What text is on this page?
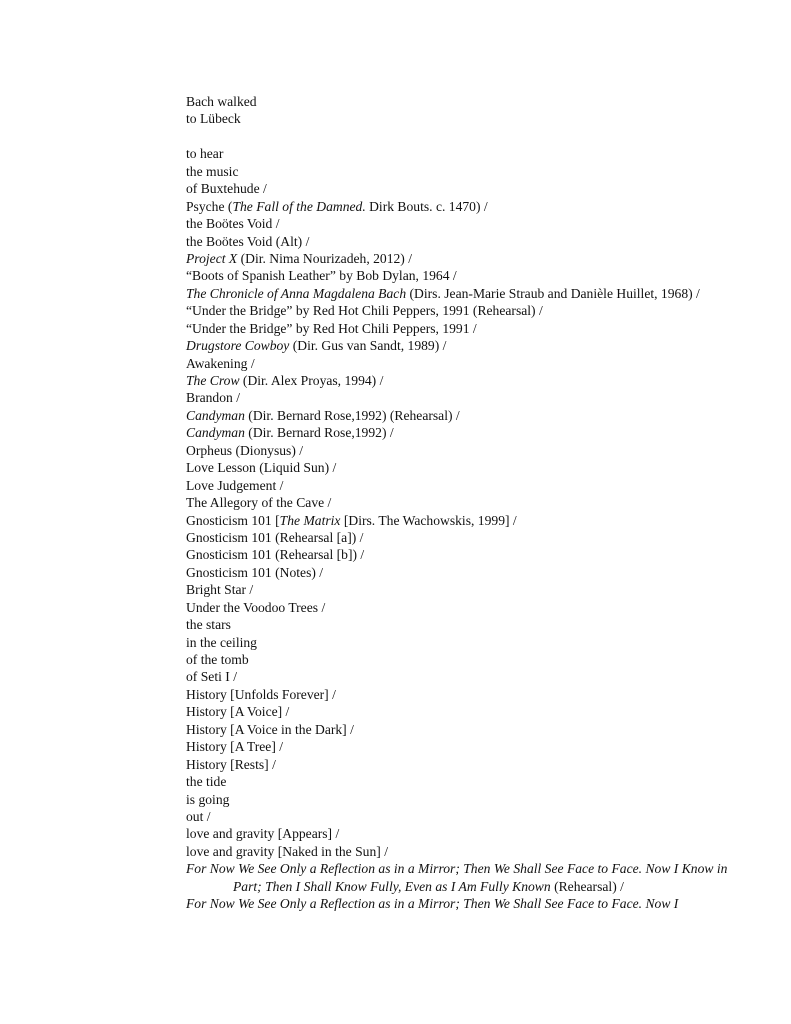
Bach walked
to Lübeck
to hear
the music
of Buxtehude /
Psyche (The Fall of the Damned. Dirk Bouts. c. 1470) /
the Boötes Void /
the Boötes Void (Alt) /
Project X (Dir. Nima Nourizadeh, 2012) /
“Boots of Spanish Leather” by Bob Dylan, 1964 /
The Chronicle of Anna Magdalena Bach (Dirs. Jean-Marie Straub and Danièle Huillet, 1968) /
“Under the Bridge” by Red Hot Chili Peppers, 1991 (Rehearsal) /
“Under the Bridge” by Red Hot Chili Peppers, 1991 /
Drugstore Cowboy (Dir. Gus van Sandt, 1989) /
Awakening /
The Crow (Dir. Alex Proyas, 1994) /
Brandon /
Candyman (Dir. Bernard Rose,1992) (Rehearsal) /
Candyman (Dir. Bernard Rose,1992) /
Orpheus (Dionysus) /
Love Lesson (Liquid Sun) /
Love Judgement /
The Allegory of the Cave /
Gnosticism 101 [The Matrix [Dirs. The Wachowskis, 1999] /
Gnosticism 101 (Rehearsal [a]) /
Gnosticism 101 (Rehearsal [b]) /
Gnosticism 101 (Notes) /
Bright Star /
Under the Voodoo Trees /
the stars
in the ceiling
of the tomb
of Seti I /
History [Unfolds Forever] /
History [A Voice] /
History [A Voice in the Dark] /
History [A Tree] /
History [Rests] /
the tide
is going
out /
love and gravity [Appears] /
love and gravity [Naked in the Sun] /
For Now We See Only a Reflection as in a Mirror; Then We Shall See Face to Face. Now I Know in Part; Then I Shall Know Fully, Even as I Am Fully Known (Rehearsal) /
For Now We See Only a Reflection as in a Mirror; Then We Shall See Face to Face. Now I
